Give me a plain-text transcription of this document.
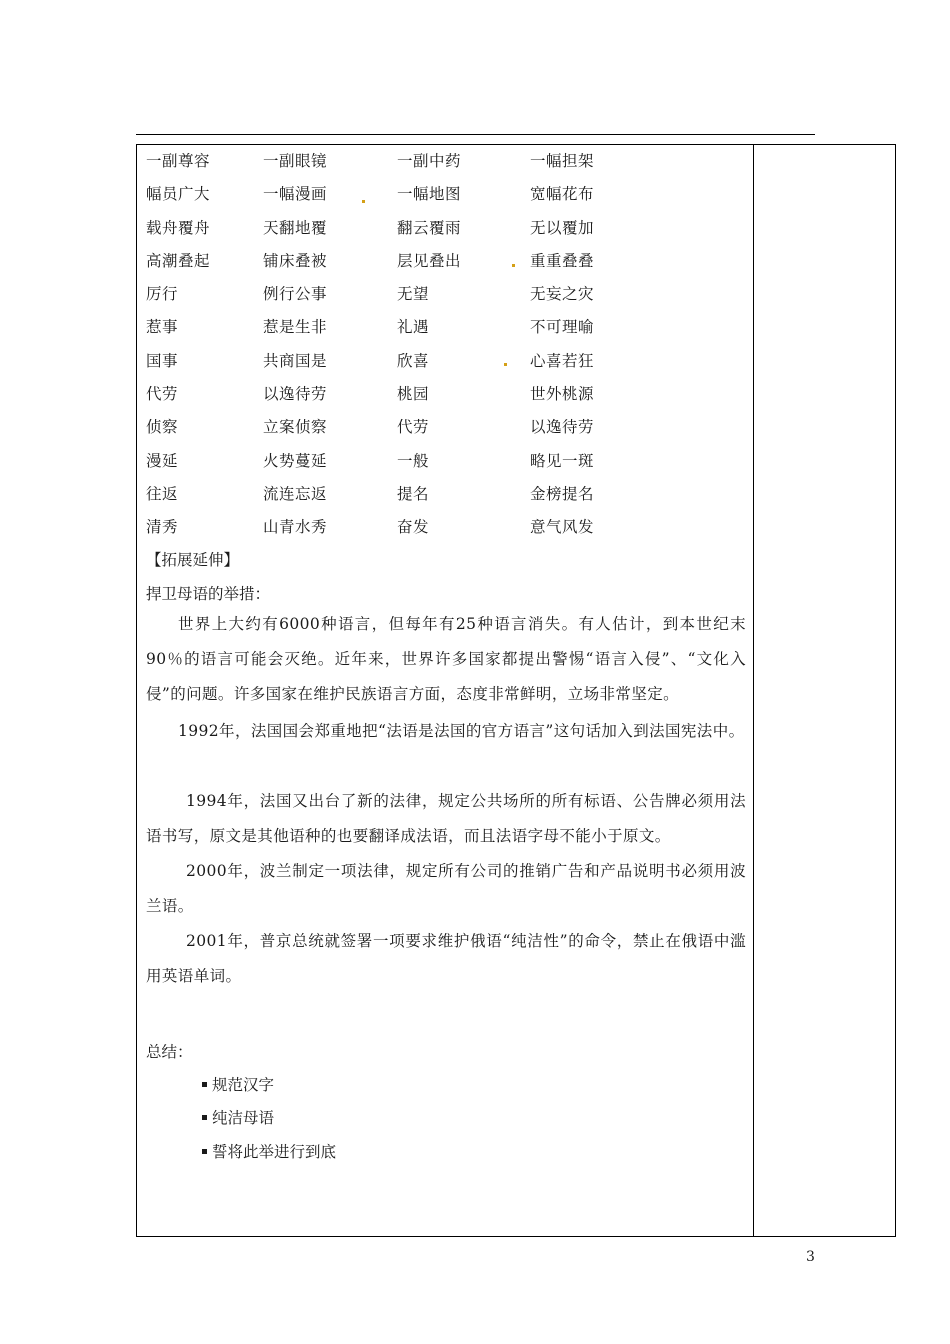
一副尊容	一副眼镜	一副中药	一幅担架
幅员广大	一幅漫画	一幅地图	宽幅花布
载舟覆舟	天翻地覆	翻云覆雨	无以覆加
高潮叠起	铺床叠被	层见叠出	重重叠叠
厉行	例行公事	无望	无妄之灾
惹事	惹是生非	礼遇	不可理喻
国事	共商国是	欣喜	心喜若狂
代劳	以逸待劳	桃园	世外桃源
侦察	立案侦察	代劳	以逸待劳
漫延	火势蔓延	一般	略见一斑
往返	流连忘返	提名	金榜提名
清秀	山青水秀	奋发	意气风发
【拓展延伸】
捍卫母语的举措：
世界上大约有6000种语言，但每年有25种语言消失。有人估计，到本世纪末90％的语言可能会灭绝。近年来，世界许多国家都提出警惕“语言入侵”、“文化入侵”的问题。许多国家在维护民族语言方面，态度非常鲜明，立场非常坚定。
1992年，法国国会郑重地把“法语是法国的官方语言”这句话加入到法国宪法中。
1994年，法国又出台了新的法律，规定公共场所的所有标语、公告牌必须用法语书写，原文是其他语种的也要翻译成法语，而且法语字母不能小于原文。
2000年，波兰制定一项法律，规定所有公司的推销广告和产品说明书必须用波兰语。
2001年，普京总统就签署一项要求维护俄语“纯洁性”的命令，禁止在俄语中滥用英语单词。
总结：
规范汉字
纯洁母语
誓将此举进行到底
3
